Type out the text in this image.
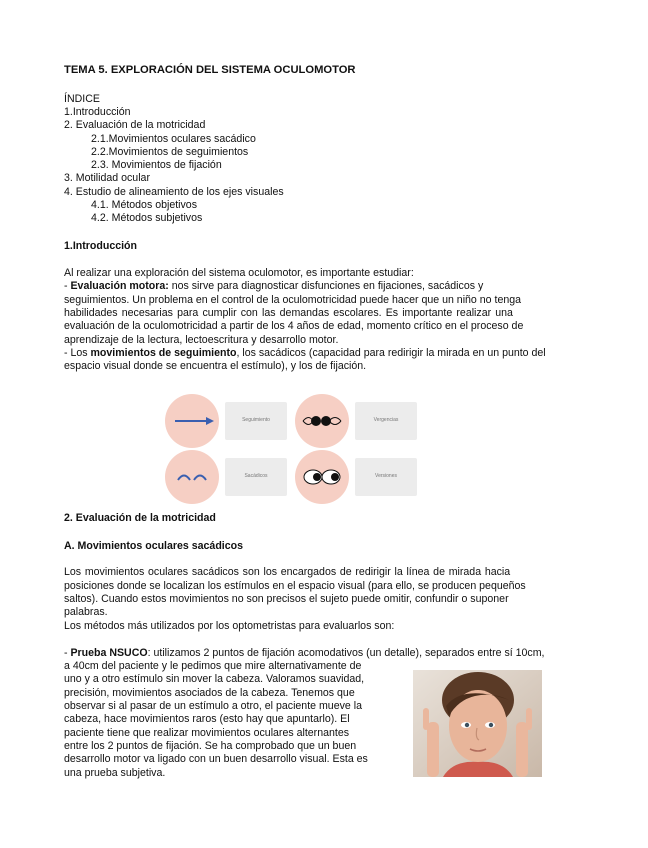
TEMA 5. EXPLORACIÓN DEL SISTEMA OCULOMOTOR
ÍNDICE
1.Introducción
2. Evaluación de la motricidad
2.1.Movimientos oculares sacádico
2.2.Movimientos de seguimientos
2.3. Movimientos de fijación
3. Motilidad ocular
4. Estudio de alineamiento de los ejes visuales
4.1. Métodos objetivos
4.2. Métodos subjetivos
1.Introducción
Al realizar una exploración del sistema oculomotor, es importante estudiar:
- Evaluación motora: nos sirve para diagnosticar disfunciones en fijaciones, sacádicos y
seguimientos. Un problema en el control de la oculomotricidad puede hacer que un niño no tenga
habilidades necesarias para cumplir con las demandas escolares. Es importante realizar una
evaluación de la oculomotricidad a partir de los 4 años de edad, momento crítico en el proceso de
aprendizaje de la lectura, lectoescritura y desarrollo motor.
- Los movimientos de seguimiento, los sacádicos (capacidad para redirigir la mirada en un punto del
espacio visual donde se encuentra el estímulo), y los de fijación.
Seguimiento	Vergencias
Sacádicos	Versiones
2. Evaluación de la motricidad
A. Movimientos oculares sacádicos
Los movimientos oculares sacádicos son los encargados de redirigir la línea de mirada hacia
posiciones donde se localizan los estímulos en el espacio visual (para ello, se producen pequeños
saltos). Cuando estos movimientos no son precisos el sujeto puede omitir, confundir o suponer
palabras.
Los métodos más utilizados por los optometristas para evaluarlos son:
- Prueba NSUCO: utilizamos 2 puntos de fijación acomodativos (un detalle), separados entre sí 10cm,
a 40cm del paciente y le pedimos que mire alternativamente de
uno y a otro estímulo sin mover la cabeza. Valoramos suavidad,
precisión, movimientos asociados de la cabeza. Tenemos que
observar si al pasar de un estímulo a otro, el paciente mueve la
cabeza, hace movimientos raros (esto hay que apuntarlo). El
paciente tiene que realizar movimientos oculares alternantes
entre los 2 puntos de fijación. Se ha comprobado que un buen
desarrollo motor va ligado con un buen desarrollo visual. Esta es
una prueba subjetiva.
